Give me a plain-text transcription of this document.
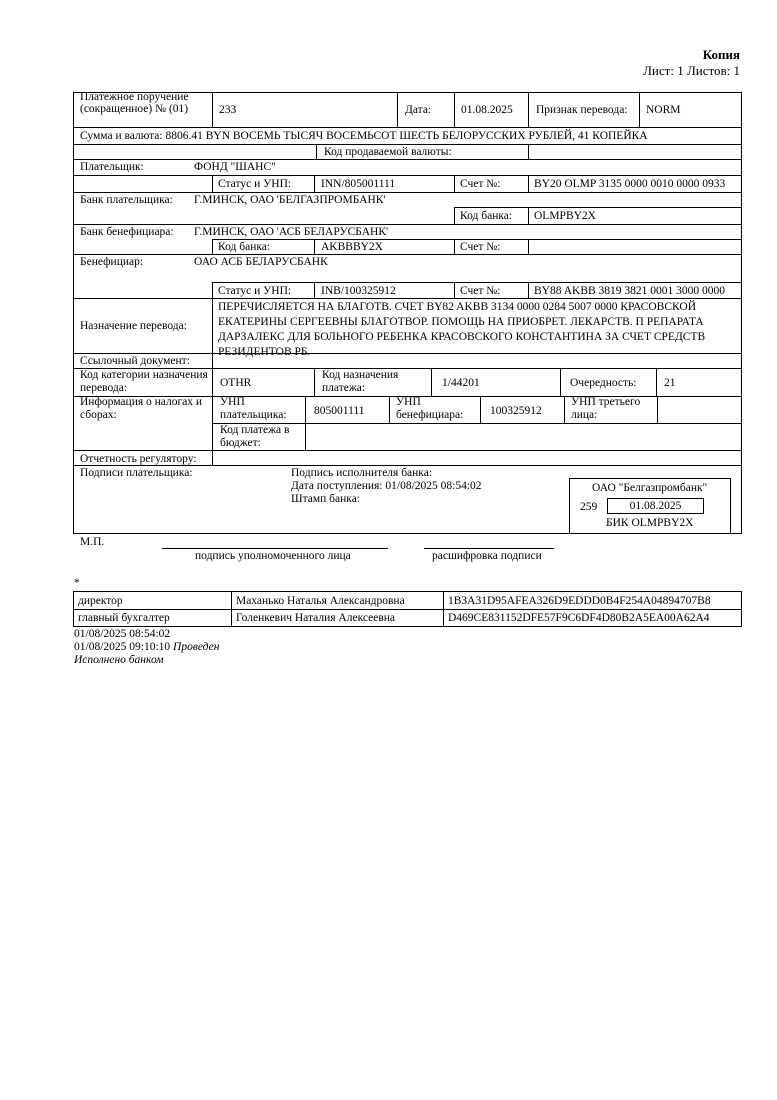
Копия
Лист: 1 Листов: 1
Платежное поручение (сокращенное) № (01)	233	Дата:	01.08.2025 Признак перевода: NORM
Сумма и валюта: 8806.41 BYN ВОСЕМЬ ТЫСЯЧ ВОСЕМЬСОТ ШЕСТЬ БЕЛОРУССКИХ РУБЛЕЙ, 41 КОПЕЙКА
Код продаваемой валюты:
Плательщик:	ФОНД "ШАНС"
Статус и УНП:	INN/805001111	Счет №:	BY20 OLMP 3135 0000 0010 0000 0933
Банк плательщика: Г.МИНСК, ОАО 'БЕЛГАЗПРОМБАНК'
Код банка: OLMPBY2X
Банк бенефициара: Г.МИНСК, ОАО 'АСБ БЕЛАРУСБАНК'
Код банка:	AKBBBY2X	Счет №:
Бенефициар:	ОАО АСБ БЕЛАРУСБАНК
Статус и УНП:	INB/100325912	Счет №:	BY88 AKBB 3819 3821 0001 3000 0000
Назначение перевода:
ПЕРЕЧИСЛЯЕТСЯ НА БЛАГОТВ. СЧЕТ BY82 AKBB 3134 0000 0284 5007 0000 КРАСОВСКОЙ ЕКАТЕРИНЫ СЕРГЕЕВНЫ БЛАГОТВОР. ПОМОЩЬ НА ПРИОБРЕТ. ЛЕКАРСТВ. П РЕПАРАТА ДАРЗАЛЕКС ДЛЯ БОЛЬНОГО РЕБЕНКА КРАСОВСКОГО КОНСТАНТИНА ЗА СЧЕТ СРЕДСТВ РЕЗИДЕНТОВ РБ.
Ссылочный документ:
Код категории назначения перевода:	OTHR
Код назначения платежа:	1/44201	Очередность: 21
Информация о налогах и сборах:
УНП плательщика:	805001111
УНП бенефициара:	100325912
УНП третьего лица:
Код платежа в бюджет:
Отчетность регулятору:
Подписи плательщика:	Подпись исполнителя банка:
Дата поступления: 01/08/2025 08:54:02
Штамп банка:
ОАО "Белгазпромбанк"
259	01.08.2025
БИК OLMPBY2X
М.П.
подпись уполномоченного лица	расшифровка подписи
*
директор	Маханько Наталья Александровна	1B3A31D95AFEA326D9EDDD0B4F254A04894707B8
главный бухгалтер	Голенкевич Наталия Алексеевна	D469CE831152DFE57F9C6DF4D80B2A5EA00A62A4
01/08/2025 08:54:02
01/08/2025 09:10:10 Проведен
Исполнено банком
